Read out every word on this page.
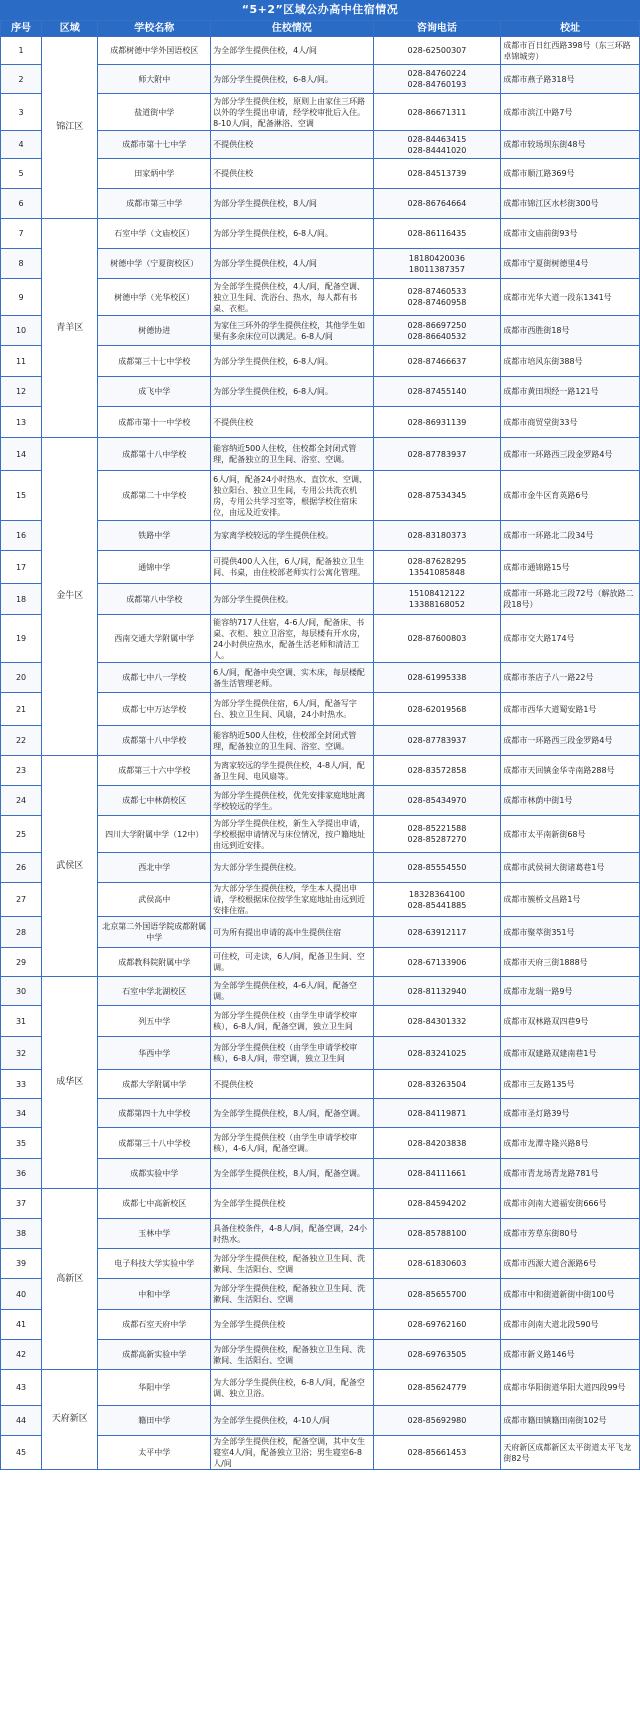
“5+2”区域公办高中住宿情况
序号	区域	学校名称	住校情况	咨询电话	校址
1	锦江区	成都树德中学外国语校区	为全部学生提供住校，4人/间	028-62500307	成都市百日红西路398号（东三环路卓锦城旁）
2		师大附中	为部分学生提供住校，6-8人/间。	028-84760224
028-84760193	成都市燕子路318号
3		盐道街中学	为部分学生提供住校，原则上由家住三环路以外的学生提出申请，经学校审批后入住。8-10人/间，配备淋浴、空调	028-86671311	成都市滨江中路7号
4		成都市第十七中学	不提供住校	028-84463415
028-84441020	成都市较场坝东街48号
5		田家炳中学	不提供住校	028-84513739	成都市顺江路369号
6		成都市第三中学	为部分学生提供住校，8人/间	028-86764664	成都市锦江区水杉街300号
7	青羊区	石室中学（文庙校区）	为部分学生提供住校，6-8人/间。	028-86116435	成都市文庙前街93号
8		树德中学（宁夏街校区）	为部分学生提供住校，4人/间	18180420036
18011387357	成都市宁夏街树德里4号
9		树德中学（光华校区）	为全部学生提供住校，4人/间，配备空调、独立卫生间、洗浴台、热水，每人都有书桌、衣柜。	028-87460533
028-87460958	成都市光华大道一段东1341号
10		树德协进	为家住三环外的学生提供住校，其他学生如果有多余床位可以满足。6-8人/间	028-86697250
028-86640532	成都市西胜街18号
11		成都第三十七中学校	为部分学生提供住校，6-8人/间。	028-87466637	成都市培风东街388号
12		成飞中学	为部分学生提供住校，6-8人/间。	028-87455140	成都市黄田坝经一路121号
13		成都市第十一中学校	不提供住校	028-86931139	成都市商贸堂街33号
14	金牛区	成都第十八中学校	能容纳近500人住校，住校都全封闭式管理，配备独立的卫生间、浴室、空调。	028-87783937	成都市一环路西三段金罗路4号
15		成都第二十中学校	6人/间，配备24小时热水、直饮水、空调、独立阳台、独立卫生间，专用公共洗衣机房，专用公共学习室等，根据学校住宿床位，由远及近安排。	028-87534345	成都市金牛区育英路6号
16		铁路中学	为家离学校较远的学生提供住校。	028-83180373	成都市一环路北二段34号
17		通锦中学	可提供400人入住，6人/间，配备独立卫生间、书桌，由住校部老师实行公寓化管理。	028-87628295
13541085848	成都市通锦路15号
18		成都第八中学校	为部分学生提供住校。	15108412122
13388168052	成都市一环路北三段72号（解放路二段18号）
19		西南交通大学附属中学	能容纳717人住宿，4-6人/间，配备床、书桌、衣柜、独立卫浴室，每层楼有开水房，24小时供应热水，配备生活老师和清洁工人。	028-87600803	成都市交大路174号
20		成都七中八一学校	6人/间，配备中央空调、实木床，每层楼配备生活管理老师。	028-61995338	成都市茶店子八一路22号
21		成都七中万达学校	为部分学生提供住宿，6人/间，配备写字台、独立卫生间、风扇，24小时热水。	028-62019568	成都市西华大道蜀安路1号
22		成都第十八中学校	能容纳近500人住校，住校部全封闭式管理，配备独立的卫生间、浴室、空调。	028-87783937	成都市一环路西三段金罗路4号
23	武侯区	成都第三十六中学校	为离家较远的学生提供住校，4-8人/间，配备卫生间、电风扇等。	028-83572858	成都市天回镇金华寺南路288号
24		成都七中林荫校区	为部分学生提供住校，优先安排家庭地址离学校较远的学生。	028-85434970	成都市林荫中街1号
25		四川大学附属中学（12中）	为部分学生提供住校，新生入学提出申请，学校根据申请情况与床位情况，按户籍地址由远到近安排。	028-85221588
028-85287270	成都市太平南新街68号
26		西北中学	为大部分学生提供住校。	028-85554550	成都市武侯祠大街诸葛巷1号
27		武侯高中	为大部分学生提供住校，学生本人提出申请，学校根据床位按学生家庭地址由远到近安排住宿。	18328364100
028-85441885	成都市簇桥文昌路1号
28		北京第二外国语学院成都附属中学	可为所有提出申请的高中生提供住宿	028-63912117	成都市聚萃街351号
29		成都教科院附属中学	可住校，可走读，6人/间，配备卫生间、空调。	028-67133906	成都市天府三街1888号
30	成华区	石室中学北湖校区	为全部学生提供住校，4-6人/间，配备空调。	028-81132940	成都市龙瑞一路9号
31		列五中学	为部分学生提供住校（由学生申请学校审核），6-8人/间，配备空调，独立卫生间	028-84301332	成都市双林路双四巷9号
32		华西中学	为部分学生提供住校（由学生申请学校审核），6-8人/间，带空调，独立卫生间	028-83241025	成都市双建路双建南巷1号
33		成都大学附属中学	不提供住校	028-83263504	成都市三友路135号
34		成都第四十九中学校	为全部学生提供住校，8人/间，配备空调。	028-84119871	成都市圣灯路39号
35		成都第三十八中学校	为部分学生提供住校（由学生申请学校审核），4-6人/间，配备空调。	028-84203838	成都市龙潭寺隆兴路8号
36		成都实验中学	为全部学生提供住校，8人/间，配备空调。	028-84111661	成都市青龙场青龙路781号
37	高新区	成都七中高新校区	为全部学生提供住校	028-84594202	成都市剑南大道福安街666号
38		玉林中学	具备住校条件，4-8人/间，配备空调，24小时热水。	028-85788100	成都市芳草东街80号
39		电子科技大学实验中学	为部分学生提供住校，配备独立卫生间、洗漱间、生活阳台、空调	028-61830603	成都市西源大道合源路6号
40		中和中学	为部分学生提供住校，配备独立卫生间、洗漱间、生活阳台、空调	028-85655700	成都市中和街道新街中街100号
41		成都石室天府中学	为全部学生提供住校	028-69762160	成都市剑南大道北段590号
42		成都高新实验中学	为部分学生提供住校，配备独立卫生间、洗漱间、生活阳台、空调	028-69763505	成都市新义路146号
43	天府新区	华阳中学	为大部分学生提供住校，6-8人/间，配备空调、独立卫浴。	028-85624779	成都市华阳街道华阳大道四段99号
44		籍田中学	为全部学生提供住校，4-10人/间	028-85692980	成都市籍田镇籍田南街102号
45		太平中学	为全部学生提供住校，配备空调，其中女生寝室4人/间，配备独立卫浴；男生寝室6-8人/间	028-85661453	天府新区成都新区太平街道太平飞龙街82号
